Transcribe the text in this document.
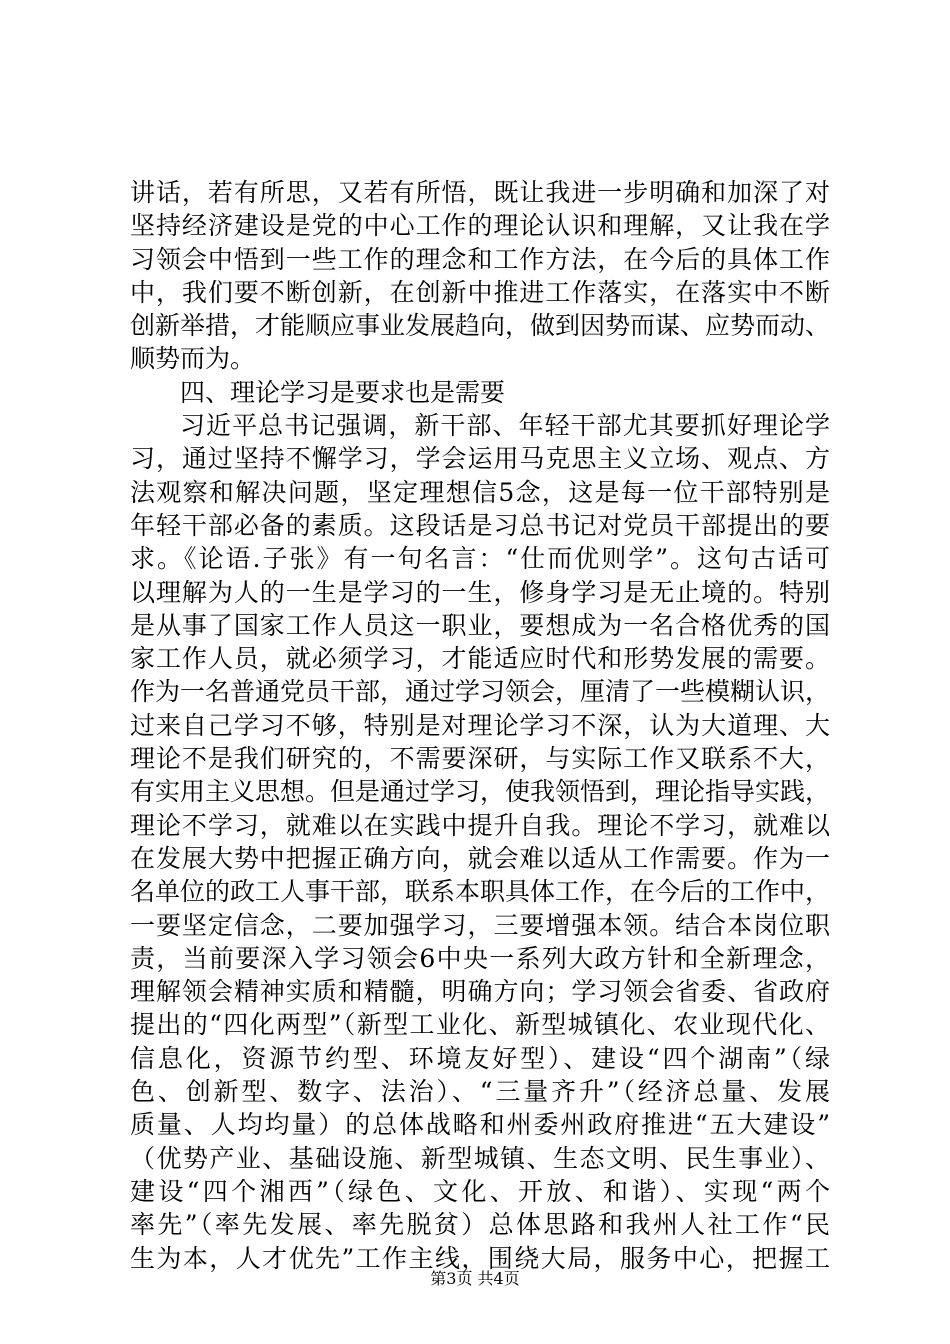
讲话，若有所思，又若有所悟，既让我进一步明确和加深了对
坚持经济建设是党的中心工作的理论认识和理解，又让我在学
习领会中悟到一些工作的理念和工作方法，在今后的具体工作
中，我们要不断创新，在创新中推进工作落实，在落实中不断
创新举措，才能顺应事业发展趋向，做到因势而谋、应势而动、
顺势而为。
四、理论学习是要求也是需要
习近平总书记强调，新干部、年轻干部尤其要抓好理论学
习，通过坚持不懈学习，学会运用马克思主义立场、观点、方
法观察和解决问题，坚定理想信5念，这是每一位干部特别是
年轻干部必备的素质。这段话是习总书记对党员干部提出的要
求。《论语.子张》有一句名言：“仕而优则学”。这句古话可
以理解为人的一生是学习的一生，修身学习是无止境的。特别
是从事了国家工作人员这一职业，要想成为一名合格优秀的国
家工作人员，就必须学习，才能适应时代和形势发展的需要。
作为一名普通党员干部，通过学习领会，厘清了一些模糊认识，
过来自己学习不够，特别是对理论学习不深，认为大道理、大
理论不是我们研究的，不需要深研，与实际工作又联系不大，
有实用主义思想。但是通过学习，使我领悟到，理论指导实践，
理论不学习，就难以在实践中提升自我。理论不学习，就难以
在发展大势中把握正确方向，就会难以适从工作需要。作为一
名单位的政工人事干部，联系本职具体工作，在今后的工作中，
一要坚定信念，二要加强学习，三要增强本领。结合本岗位职
责，当前要深入学习领会6中央一系列大政方针和全新理念，
理解领会精神实质和精髓，明确方向；学习领会省委、省政府
提出的“四化两型”（新型工业化、新型城镇化、农业现代化、
信息化，资源节约型、环境友好型）、建设“四个湖南”（绿
色、创新型、数字、法治）、“三量齐升”（经济总量、发展
质量、人均均量）的总体战略和州委州政府推进“五大建设”
（优势产业、基础设施、新型城镇、生态文明、民生事业）、
建设“四个湘西”（绿色、文化、开放、和谐）、实现“两个
率先”（率先发展、率先脱贫）总体思路和我州人社工作“民
生为本，人才优先”工作主线，围绕大局，服务中心，把握工
第3页 共4页
